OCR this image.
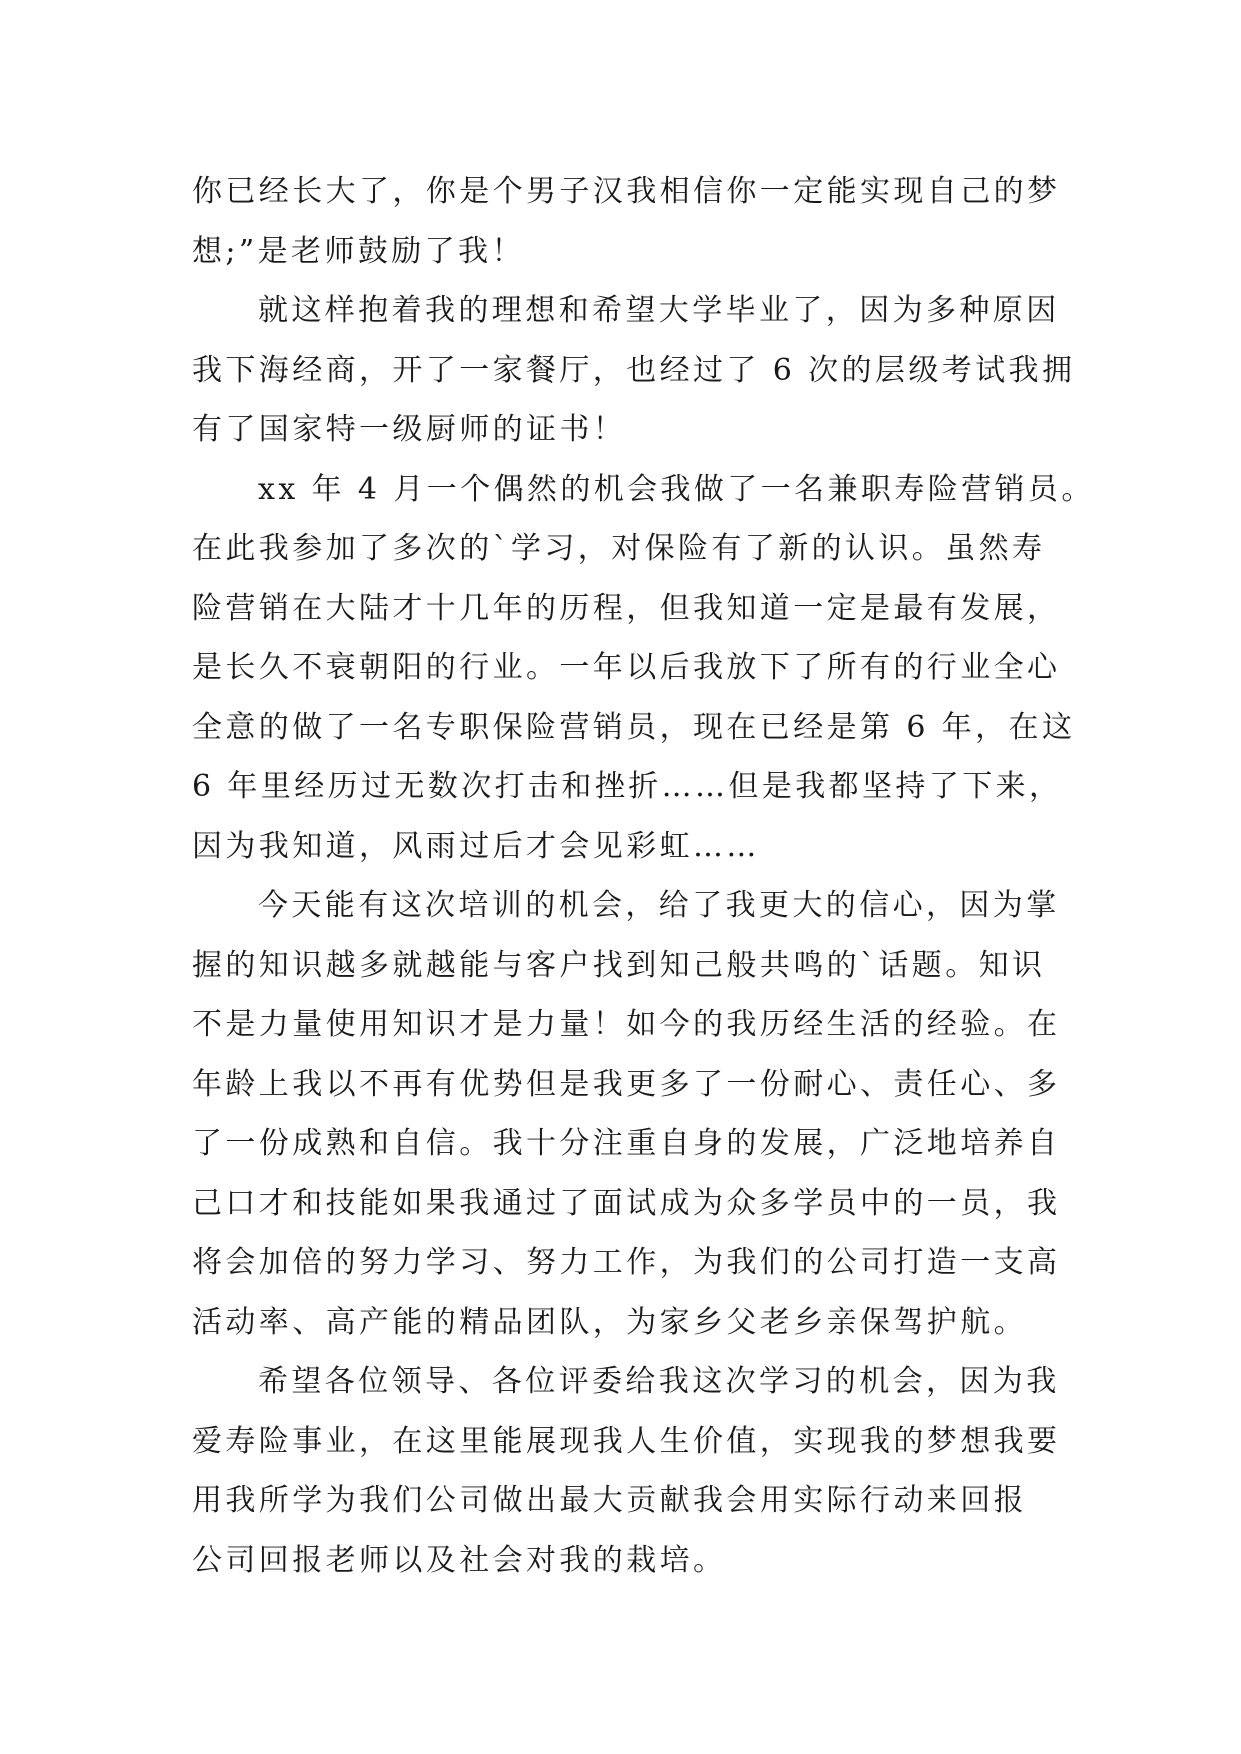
你已经长大了，你是个男子汉我相信你一定能实现自己的梦
想;”是老师鼓励了我！
就这样抱着我的理想和希望大学毕业了，因为多种原因
我下海经商，开了一家餐厅，也经过了 6 次的层级考试我拥
有了国家特一级厨师的证书！
xx 年 4 月一个偶然的机会我做了一名兼职寿险营销员。
在此我参加了多次的`学习，对保险有了新的认识。虽然寿
险营销在大陆才十几年的历程，但我知道一定是最有发展，
是长久不衰朝阳的行业。一年以后我放下了所有的行业全心
全意的做了一名专职保险营销员，现在已经是第 6 年，在这
6 年里经历过无数次打击和挫折……但是我都坚持了下来，
因为我知道，风雨过后才会见彩虹……
今天能有这次培训的机会，给了我更大的信心，因为掌
握的知识越多就越能与客户找到知己般共鸣的`话题。知识
不是力量使用知识才是力量！如今的我历经生活的经验。在
年龄上我以不再有优势但是我更多了一份耐心、责任心、多
了一份成熟和自信。我十分注重自身的发展，广泛地培养自
己口才和技能如果我通过了面试成为众多学员中的一员，我
将会加倍的努力学习、努力工作，为我们的公司打造一支高
活动率、高产能的精品团队，为家乡父老乡亲保驾护航。
希望各位领导、各位评委给我这次学习的机会，因为我
爱寿险事业，在这里能展现我人生价值，实现我的梦想我要
用我所学为我们公司做出最大贡献我会用实际行动来回报
公司回报老师以及社会对我的栽培。
